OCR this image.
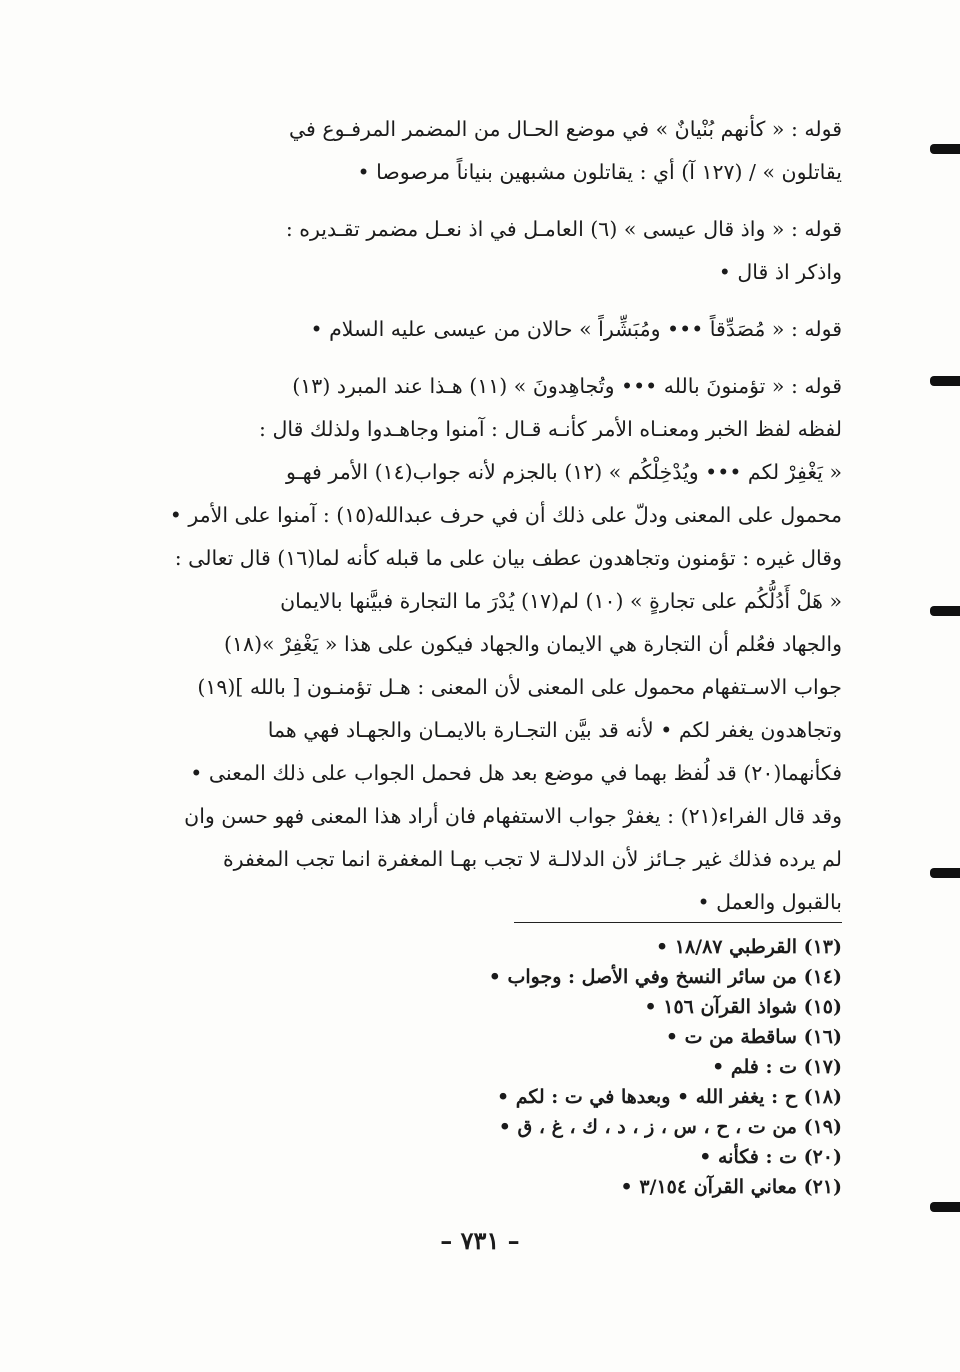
قوله : « كأنهم بُنْيانٌ » في موضع الحـال من المضمر المرفـوع في
يقاتلون » / (١٢٧ آ) أي : يقاتلون مشبهين بنياناً مرصوصا •
قوله : « واذ قال عيسى » (٦) العامـل في اذ نعـل مضمر تقـديره :
واذكر اذ قال •
قوله : « مُصَدِّقاً ••• ومُبَشِّراً » حالان من عيسى عليه السلام •
قوله : « تؤمنونَ بالله ••• وتُجاهِدونَ » (١١) هـذا عند المبرد (١٣)
لفظه لفظ الخبر ومعنـاه الأمر كأنـه قـال : آمنوا وجاهـدوا ولذلك قال :
« يَغْفِرْ لكم ••• ويُدْخِلْكُم » (١٢) بالجزم لأنه جواب(١٤) الأمر فهـو
محمول على المعنى ودلّ على ذلك أن في حرف عبدالله(١٥) : آمنوا على الأمر •
وقال غيره : تؤمنون وتجاهدون عطف بيان على ما قبله كأنه لما(١٦) قال تعالى :
« هَلْ أَدُلُّكُم على تجارةٍ » (١٠) لم(١٧) يُدْرَ ما التجارة فبيَّنها بالايمان
والجهاد فعُلم أن التجارة هي الايمان والجهاد فيكون على هذا « يَغْفِرْ »(١٨)
جواب الاسـتفهام محمول على المعنى لأن المعنى : هـل تؤمنـون [ بالله ](١٩)
وتجاهدون يغفر لكم • لأنه قد بيَّن التجـارة بالايمـان والجهـاد فهي هما
فكأنهما(٢٠) قد لُفظ بهما في موضع بعد هل فحمل الجواب على ذلك المعنى •
وقد قال الفراء(٢١) : يغفرْ جواب الاستفهام فان أراد هذا المعنى فهو حسن وان
لم يرده فذلك غير جـائز لأن الدلالـة لا تجب بهـا المغفرة انما تجب المغفرة
بالقبول والعمل •
(١٣) القرطبي ١٨/٨٧ •
(١٤) من سائر النسخ وفي الأصل : وجواب •
(١٥) شواذ القرآن ١٥٦ •
(١٦) ساقطة من ت •
(١٧) ت : فلم •
(١٨) ح : يغفر الله • وبعدها في ت : لكم •
(١٩) من ت ، ح ، س ، ز ، د ، ك ، غ ، ق •
(٢٠) ت : فكأنه •
(٢١) معاني القرآن ٣/١٥٤ •
– ٧٣١ –
